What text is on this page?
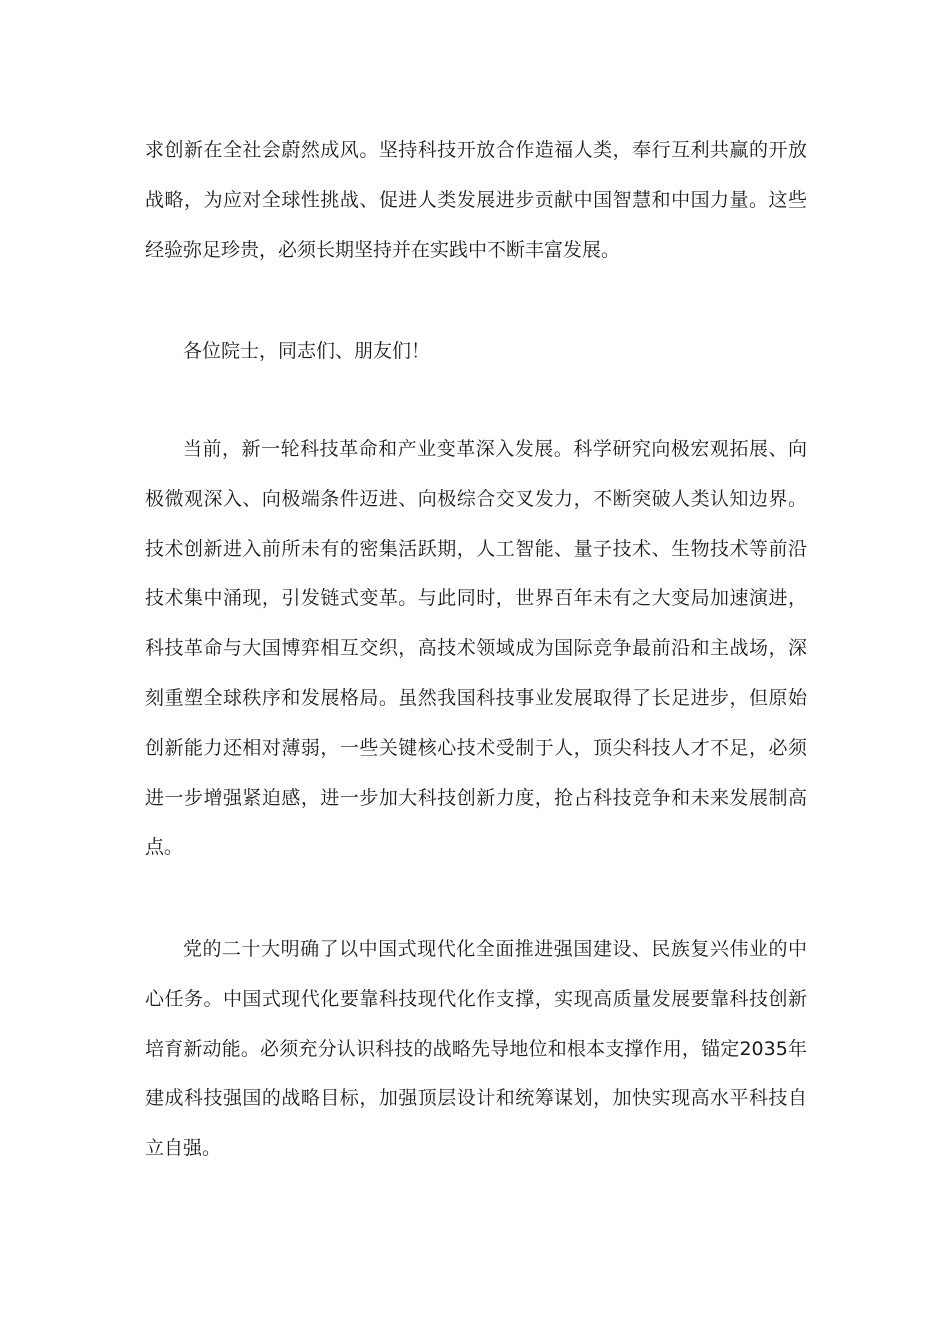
求创新在全社会蔚然成风。坚持科技开放合作造福人类，奉行互利共赢的开放战略，为应对全球性挑战、促进人类发展进步贡献中国智慧和中国力量。这些经验弥足珍贵，必须长期坚持并在实践中不断丰富发展。

各位院士，同志们、朋友们！

当前，新一轮科技革命和产业变革深入发展。科学研究向极宏观拓展、向极微观深入、向极端条件迈进、向极综合交叉发力，不断突破人类认知边界。技术创新进入前所未有的密集活跃期，人工智能、量子技术、生物技术等前沿技术集中涌现，引发链式变革。与此同时，世界百年未有之大变局加速演进，科技革命与大国博弈相互交织，高技术领域成为国际竞争最前沿和主战场，深刻重塑全球秩序和发展格局。虽然我国科技事业发展取得了长足进步，但原始创新能力还相对薄弱，一些关键核心技术受制于人，顶尖科技人才不足，必须进一步增强紧迫感，进一步加大科技创新力度，抢占科技竞争和未来发展制高点。

党的二十大明确了以中国式现代化全面推进强国建设、民族复兴伟业的中心任务。中国式现代化要靠科技现代化作支撑，实现高质量发展要靠科技创新培育新动能。必须充分认识科技的战略先导地位和根本支撑作用，锚定2035年建成科技强国的战略目标，加强顶层设计和统筹谋划，加快实现高水平科技自立自强。
